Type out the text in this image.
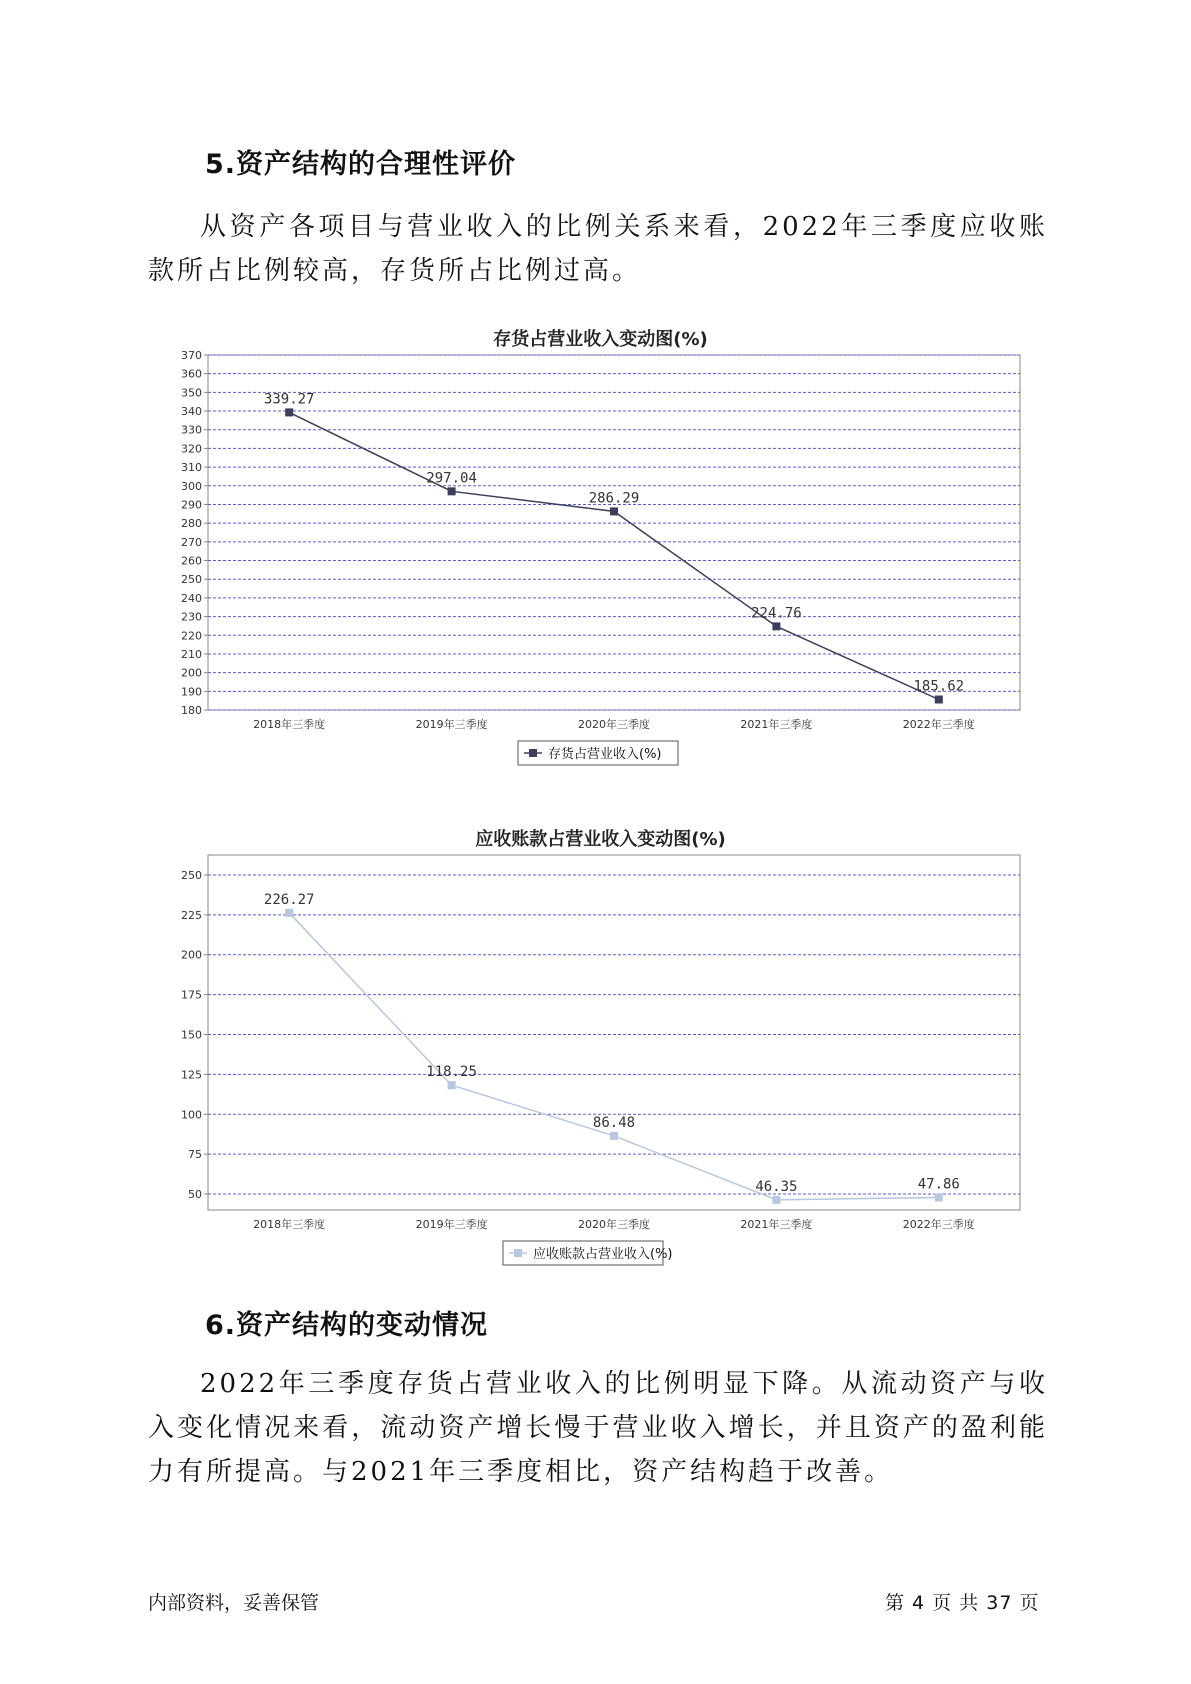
5.资产结构的合理性评价

从资产各项目与营业收入的比例关系来看，2022年三季度应收账款所占比例较高，存货所占比例过高。

存货占营业收入变动图(%)
180
190
200
210
220
230
240
250
260
270
280
290
300
310
320
330
340
350
360
370
2018年三季度	2019年三季度	2020年三季度	2021年三季度	2022年三季度
339.27
297.04
286.29
224.76
185.62
存货占营业收入(%)
应收账款占营业收入变动图(%)
50
75
100
125
150
175
200
225
250
2018年三季度	2019年三季度	2020年三季度	2021年三季度	2022年三季度
226.27
118.25
86.48
46.35	47.86
应收账款占营业收入(%)
6.资产结构的变动情况

2022年三季度存货占营业收入的比例明显下降。从流动资产与收入变化情况来看，流动资产增长慢于营业收入增长，并且资产的盈利能力有所提高。与2021年三季度相比，资产结构趋于改善。

内部资料，妥善保管	第 4 页 共 37 页
